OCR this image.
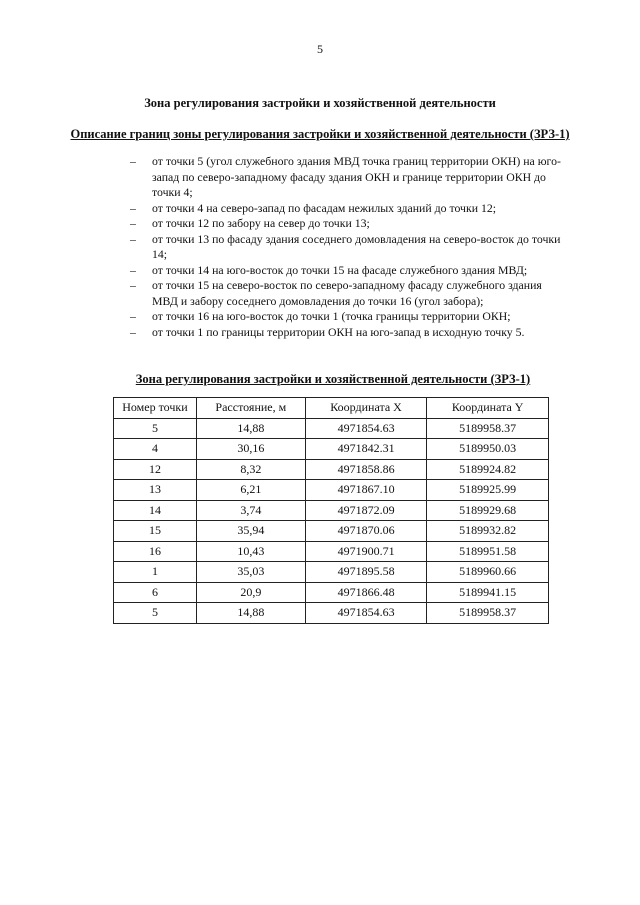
5
Зона регулирования застройки и хозяйственной деятельности
Описание границ зоны регулирования застройки и хозяйственной деятельности (ЗРЗ-1)
– от точки 5 (угол служебного здания МВД точка границ территории ОКН) на юго-запад по северо-западному фасаду здания ОКН и границе территории ОКН до точки 4;
– от точки 4 на северо-запад по фасадам нежилых зданий до точки 12;
– от точки 12 по забору на север до точки 13;
– от точки 13 по фасаду здания соседнего домовладения на северо-восток до точки 14;
– от точки 14 на юго-восток до точки 15 на фасаде служебного здания МВД;
– от точки 15 на северо-восток по северо-западному фасаду служебного здания МВД и забору соседнего домовладения до точки 16 (угол забора);
– от точки 16 на юго-восток до точки 1 (точка границы территории ОКН;
– от точки 1 по границы территории ОКН на юго-запад в исходную точку 5.
Зона регулирования застройки и хозяйственной деятельности (ЗРЗ-1)
Номер точки	Расстояние, м	Координата X	Координата Y
5	14,88	4971854.63	5189958.37
4	30,16	4971842.31	5189950.03
12	8,32	4971858.86	5189924.82
13	6,21	4971867.10	5189925.99
14	3,74	4971872.09	5189929.68
15	35,94	4971870.06	5189932.82
16	10,43	4971900.71	5189951.58
1	35,03	4971895.58	5189960.66
6	20,9	4971866.48	5189941.15
5	14,88	4971854.63	5189958.37
